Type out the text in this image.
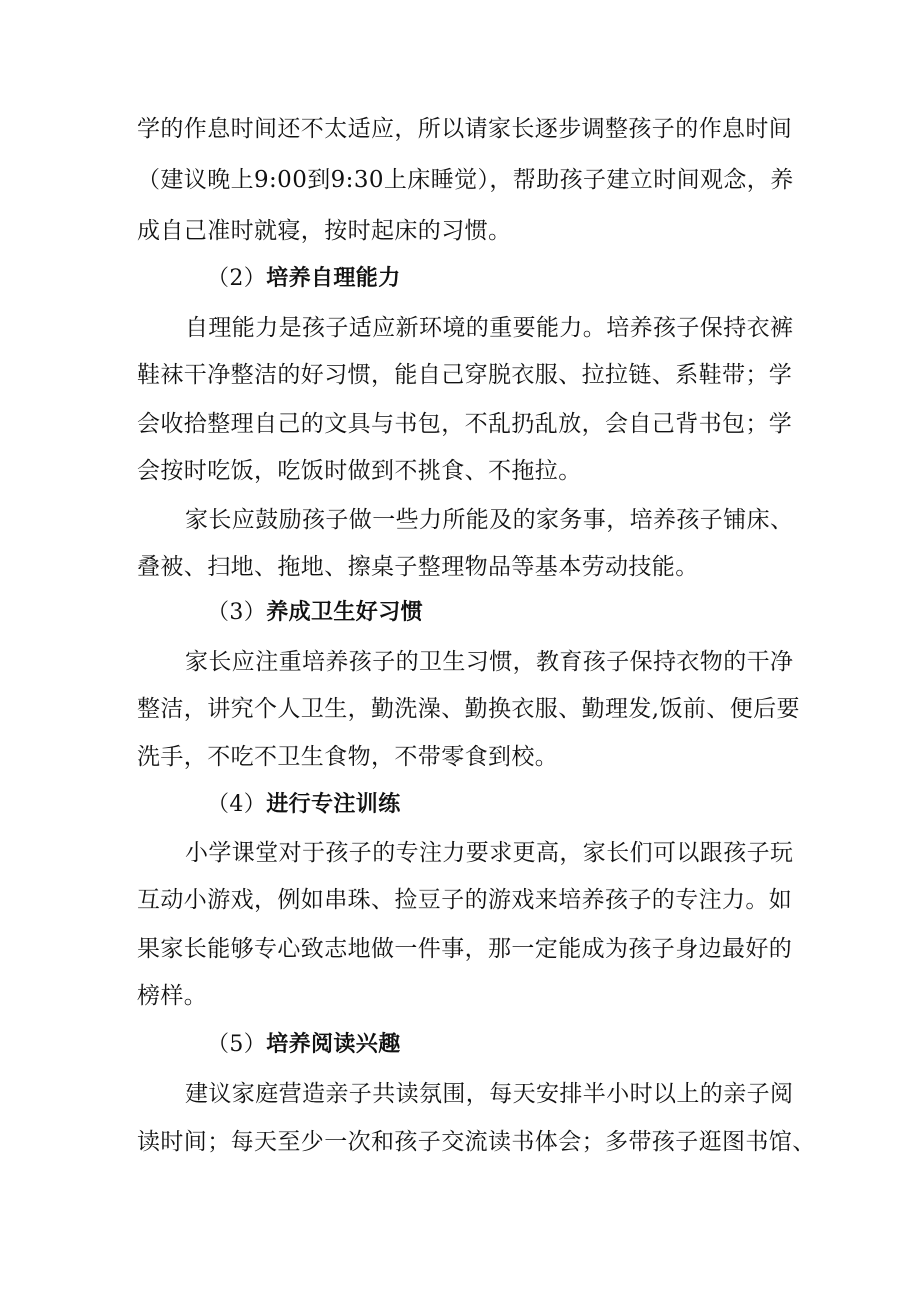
学的作息时间还不太适应，所以请家长逐步调整孩子的作息时间
（建议晚上9:00到9:30上床睡觉），帮助孩子建立时间观念，养
成自己准时就寝，按时起床的习惯。
（2）培养自理能力
自理能力是孩子适应新环境的重要能力。培养孩子保持衣裤
鞋袜干净整洁的好习惯，能自己穿脱衣服、拉拉链、系鞋带；学
会收拾整理自己的文具与书包，不乱扔乱放，会自己背书包；学
会按时吃饭，吃饭时做到不挑食、不拖拉。
家长应鼓励孩子做一些力所能及的家务事，培养孩子铺床、
叠被、扫地、拖地、擦桌子整理物品等基本劳动技能。
（3）养成卫生好习惯
家长应注重培养孩子的卫生习惯，教育孩子保持衣物的干净
整洁，讲究个人卫生，勤洗澡、勤换衣服、勤理发,饭前、便后要
洗手，不吃不卫生食物，不带零食到校。
（4）进行专注训练
小学课堂对于孩子的专注力要求更高，家长们可以跟孩子玩
互动小游戏，例如串珠、捡豆子的游戏来培养孩子的专注力。如
果家长能够专心致志地做一件事，那一定能成为孩子身边最好的
榜样。
（5）培养阅读兴趣
建议家庭营造亲子共读氛围，每天安排半小时以上的亲子阅
读时间；每天至少一次和孩子交流读书体会；多带孩子逛图书馆、
